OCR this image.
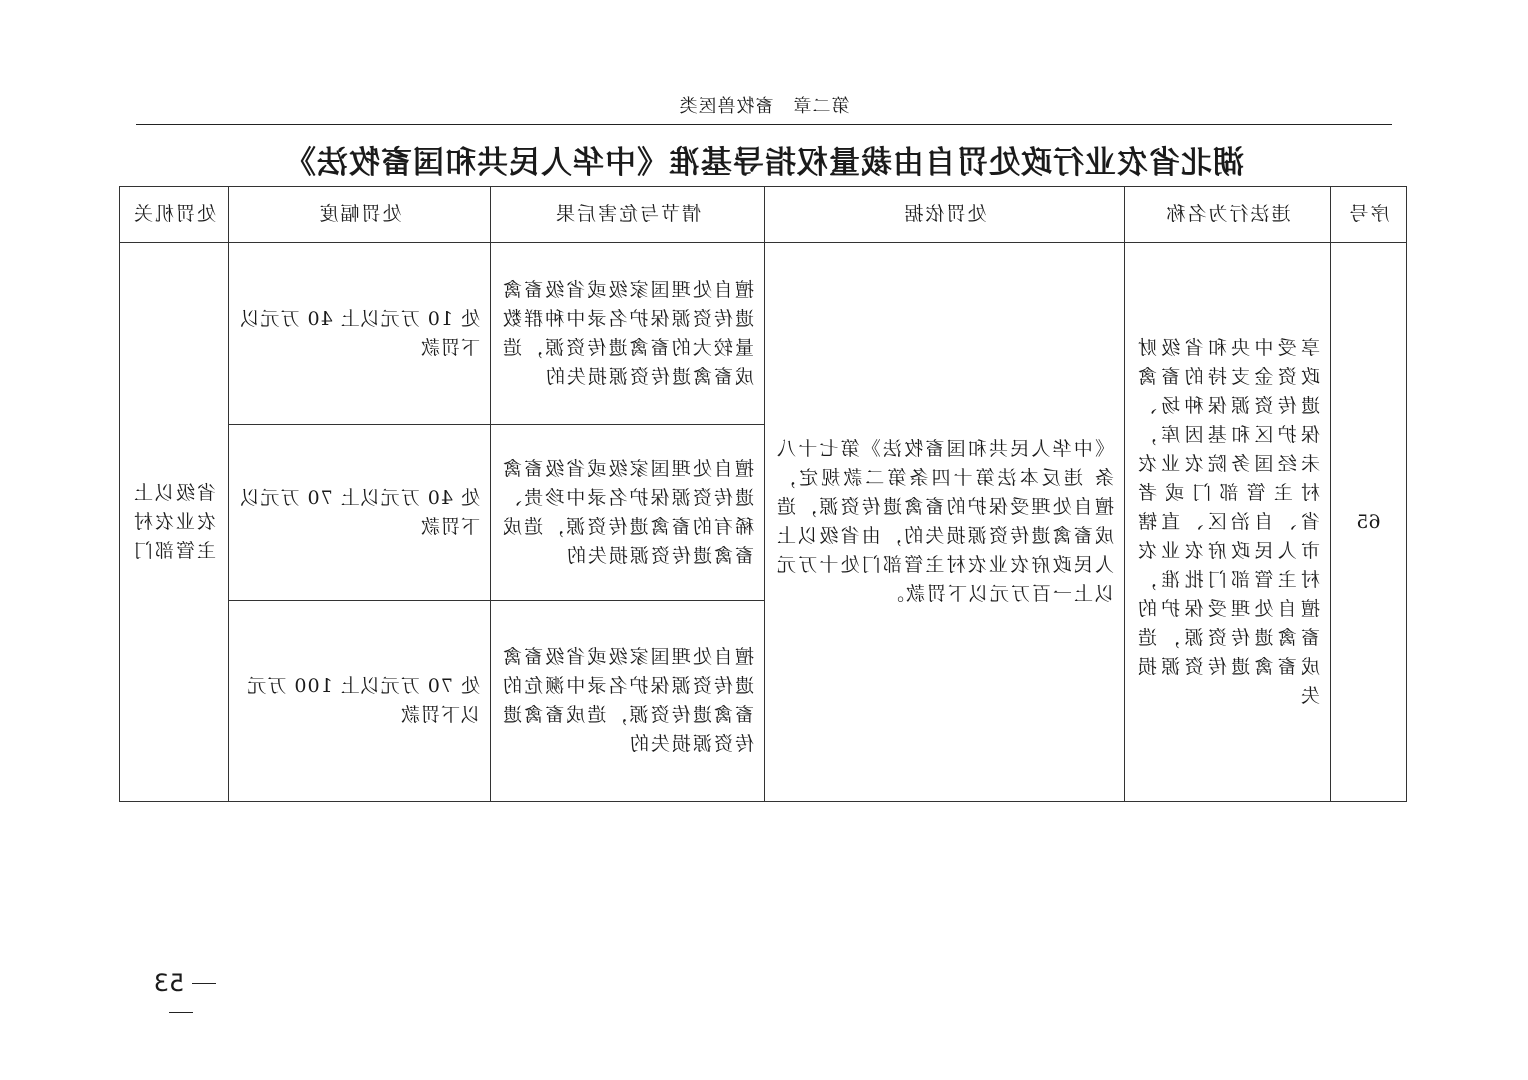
第二章　畜牧兽医类
湖北省农业行政处罚自由裁量权指导基准《中华人民共和国畜牧法》
序号	违法行为名称	处罚依据	情节与危害后果	处罚幅度	处罚机关
65	享受中央和省级财政资金支持的畜禽遗传资源保种场、保护区和基因库，未经国务院农业农村主管部门或者省、自治区、直辖市人民政府农业农村主管部门批准，擅自处理受保护的畜禽遗传资源，造成畜禽遗传资源损失	《中华人民共和国畜牧法》第七十八条 违反本法第十四条第二款规定，擅自处理受保护的畜禽遗传资源，造成畜禽遗传资源损失的，由省级以上人民政府农业农村主管部门处十万元以上一百万元以下罚款。	擅自处理国家级或省级畜禽遗传资源保护名录中种群数量较大的畜禽遗传资源，造成畜禽遗传资源损失的	处 10 万元以上 40 万元以下罚款	省级以上农业农村主管部门
			擅自处理国家级或省级畜禽遗传资源保护名录中珍贵、稀有的畜禽遗传资源，造成畜禽遗传资源损失的	处 40 万元以上 70 万元以下罚款	
			擅自处理国家级或省级畜禽遗传资源保护名录中濒危的畜禽遗传资源，造成畜禽遗传资源损失的	处 70 万元以上 100 万元以下罚款	
53
